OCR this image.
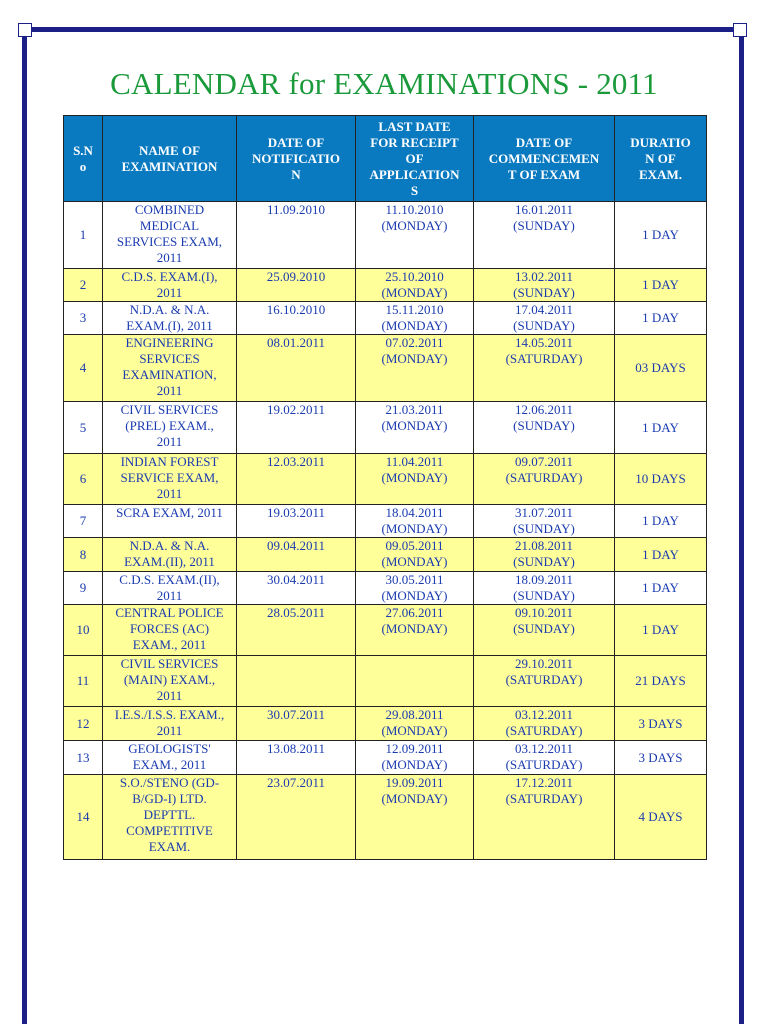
CALENDAR for EXAMINATIONS - 2011
S.N
o	NAME OF
EXAMINATION	DATE OF
NOTIFICATIO
N	LAST DATE
FOR RECEIPT
OF
APPLICATION
S	DATE OF
COMMENCEMEN
T OF EXAM	DURATIO
N OF
EXAM.
1	COMBINED
MEDICAL
SERVICES EXAM,
2011	11.09.2010	11.10.2010
(MONDAY)	16.01.2011
(SUNDAY)	1 DAY
2	C.D.S. EXAM.(I),
2011	25.09.2010	25.10.2010
(MONDAY)	13.02.2011
(SUNDAY)	1 DAY
3	N.D.A. & N.A.
EXAM.(I), 2011	16.10.2010	15.11.2010
(MONDAY)	17.04.2011
(SUNDAY)	1 DAY
4	ENGINEERING
SERVICES
EXAMINATION,
2011	08.01.2011	07.02.2011
(MONDAY)	14.05.2011
(SATURDAY)	03 DAYS
5	CIVIL SERVICES
(PREL) EXAM.,
2011	19.02.2011	21.03.2011
(MONDAY)	12.06.2011
(SUNDAY)	1 DAY
6	INDIAN FOREST
SERVICE EXAM,
2011	12.03.2011	11.04.2011
(MONDAY)	09.07.2011
(SATURDAY)	10 DAYS
7	SCRA EXAM, 2011	19.03.2011	18.04.2011
(MONDAY)	31.07.2011
(SUNDAY)	1 DAY
8	N.D.A. & N.A.
EXAM.(II), 2011	09.04.2011	09.05.2011
(MONDAY)	21.08.2011
(SUNDAY)	1 DAY
9	C.D.S. EXAM.(II),
2011	30.04.2011	30.05.2011
(MONDAY)	18.09.2011
(SUNDAY)	1 DAY
10	CENTRAL POLICE
FORCES (AC)
EXAM., 2011	28.05.2011	27.06.2011
(MONDAY)	09.10.2011
(SUNDAY)	1 DAY
11	CIVIL SERVICES
(MAIN) EXAM.,
2011			29.10.2011
(SATURDAY)	21 DAYS
12	I.E.S./I.S.S. EXAM.,
2011	30.07.2011	29.08.2011
(MONDAY)	03.12.2011
(SATURDAY)	3 DAYS
13	GEOLOGISTS'
EXAM., 2011	13.08.2011	12.09.2011
(MONDAY)	03.12.2011
(SATURDAY)	3 DAYS
14	S.O./STENO (GD-
B/GD-I) LTD.
DEPTTL.
COMPETITIVE
EXAM.	23.07.2011	19.09.2011
(MONDAY)	17.12.2011
(SATURDAY)	4 DAYS
